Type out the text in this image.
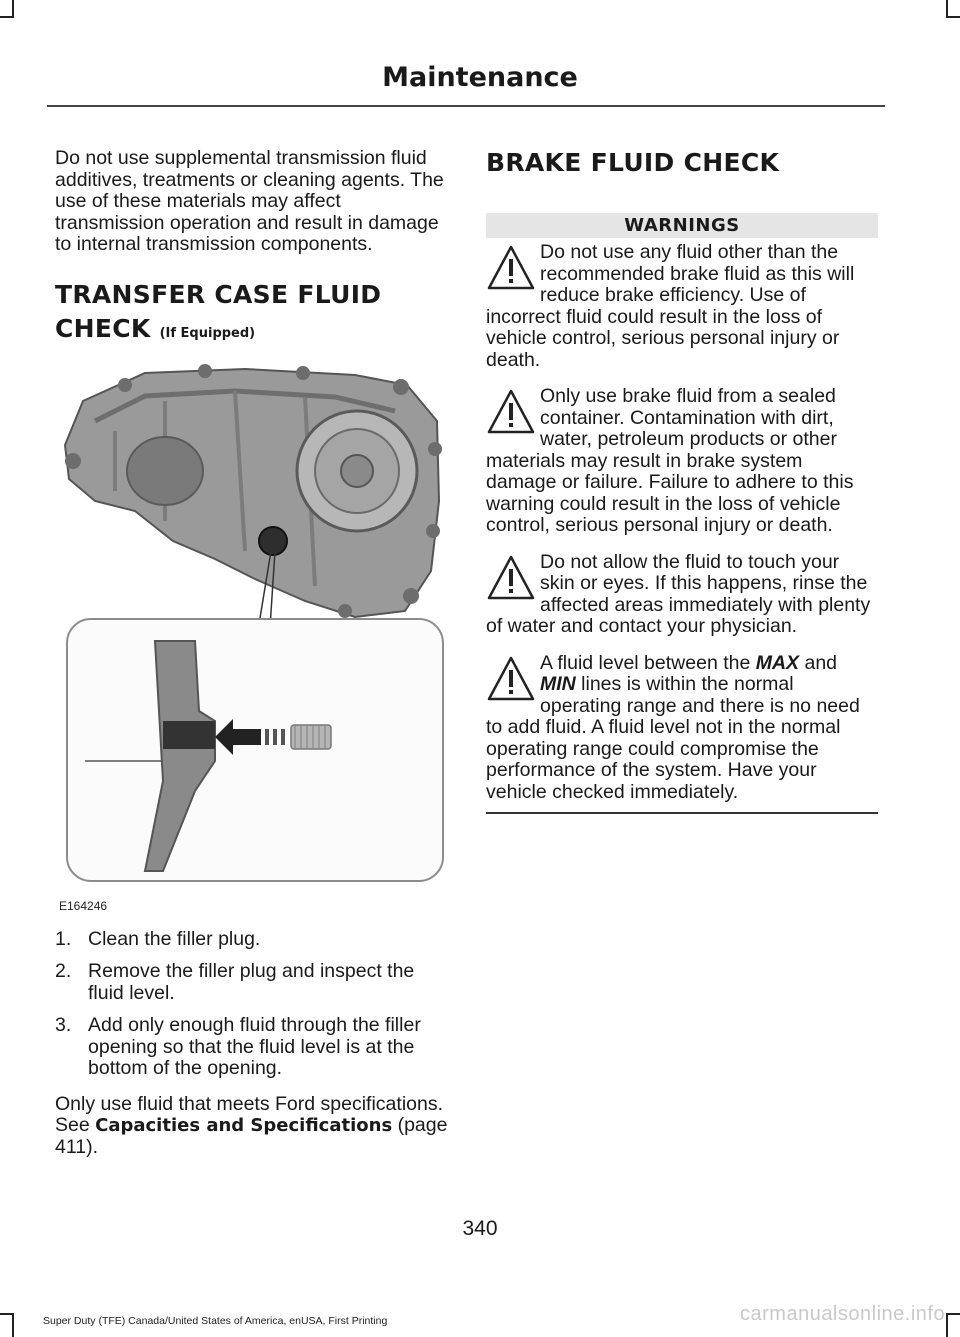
Maintenance

Do not use supplemental transmission fluid additives, treatments or cleaning agents. The use of these materials may affect transmission operation and result in damage to internal transmission components.

TRANSFER CASE FLUID
CHECK (If Equipped)
E164246
1. Clean the filler plug.
2. Remove the filler plug and inspect the fluid level.
3. Add only enough fluid through the filler opening so that the fluid level is at the bottom of the opening.

Only use fluid that meets Ford specifications. See Capacities and Specifications (page 411).

BRAKE FLUID CHECK
WARNINGS
Do not use any fluid other than the recommended brake fluid as this will reduce brake efficiency. Use of incorrect fluid could result in the loss of vehicle control, serious personal injury or death.
Only use brake fluid from a sealed container. Contamination with dirt, water, petroleum products or other materials may result in brake system damage or failure. Failure to adhere to this warning could result in the loss of vehicle control, serious personal injury or death.
Do not allow the fluid to touch your skin or eyes. If this happens, rinse the affected areas immediately with plenty of water and contact your physician.
A fluid level between the MAX and MIN lines is within the normal operating range and there is no need to add fluid. A fluid level not in the normal operating range could compromise the performance of the system. Have your vehicle checked immediately.
340
Super Duty (TFE) Canada/United States of America, enUSA, First Printing	carmanualsonline.info
